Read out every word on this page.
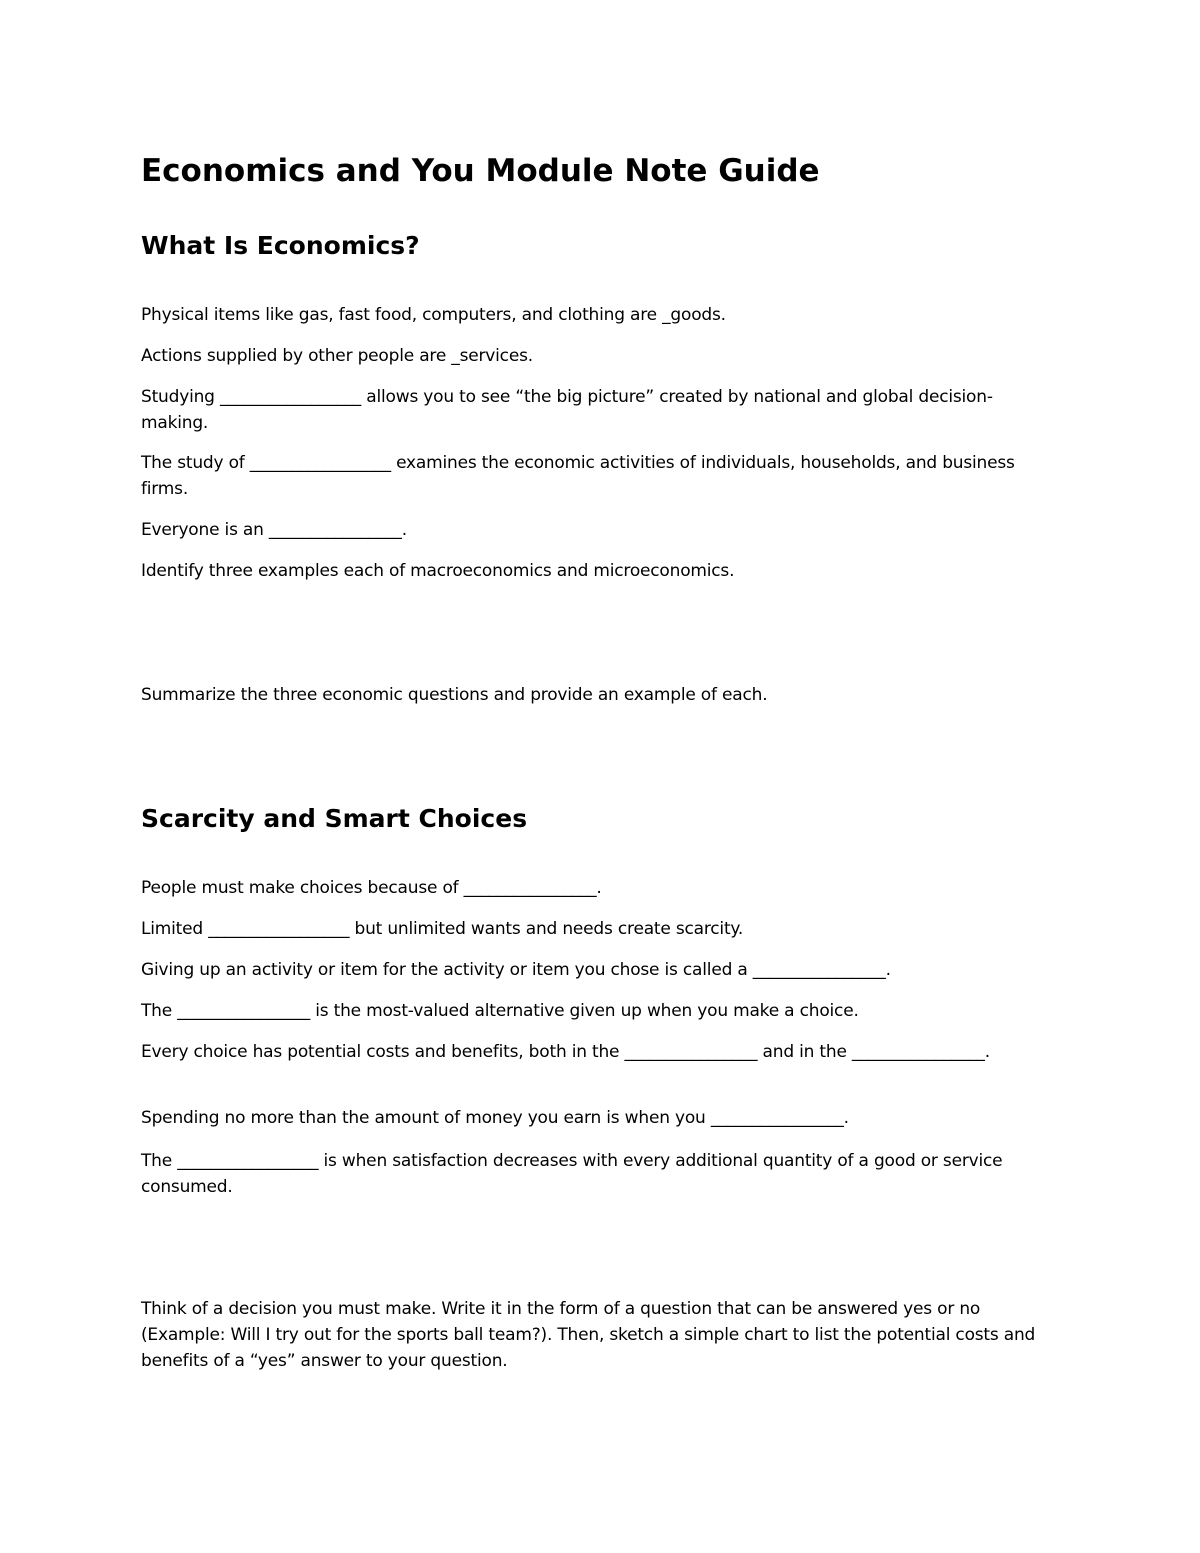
Economics and You Module Note Guide
What Is Economics?

Physical items like gas, fast food, computers, and clothing are _goods.

Actions supplied by other people are _services.

Studying _________________ allows you to see “the big picture” created by national and global decision-making.

The study of _________________ examines the economic activities of individuals, households, and business firms.

Everyone is an ________________.

Identify three examples each of macroeconomics and microeconomics.

Summarize the three economic questions and provide an example of each.

Scarcity and Smart Choices

People must make choices because of ________________.

Limited _________________ but unlimited wants and needs create scarcity.

Giving up an activity or item for the activity or item you chose is called a ________________.

The ________________ is the most-valued alternative given up when you make a choice.

Every choice has potential costs and benefits, both in the ________________ and in the ________________.

Spending no more than the amount of money you earn is when you ________________.

The _________________ is when satisfaction decreases with every additional quantity of a good or service consumed.

Think of a decision you must make. Write it in the form of a question that can be answered yes or no (Example: Will I try out for the sports ball team?). Then, sketch a simple chart to list the potential costs and benefits of a “yes” answer to your question.
